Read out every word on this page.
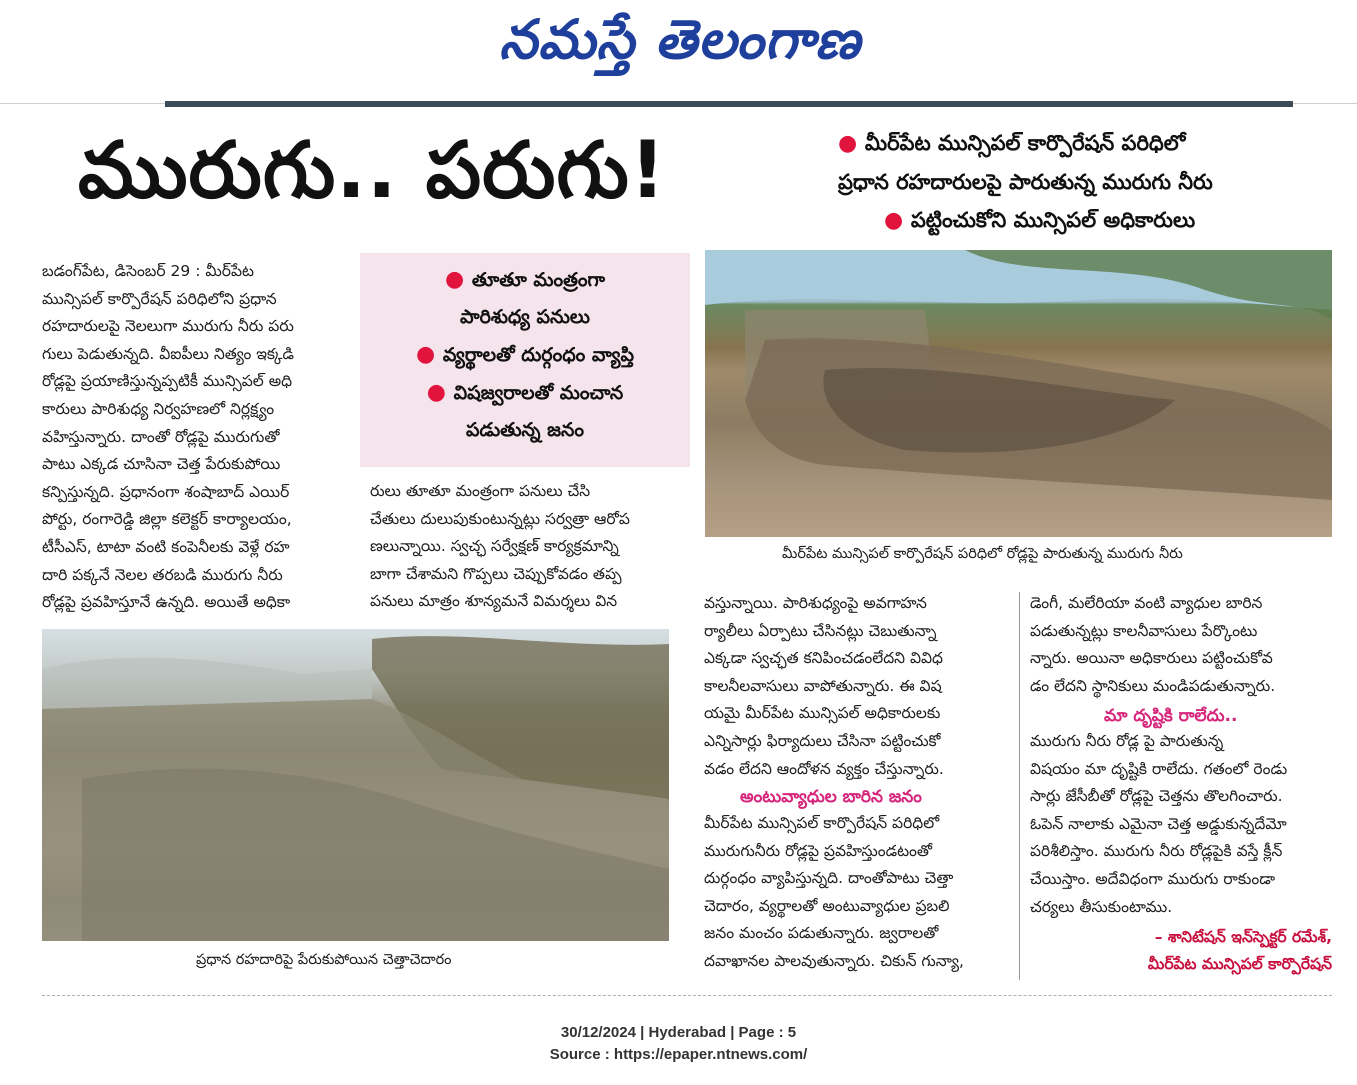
నమస్తే తెలంగాణ
మురుగు.. పరుగు!	● మీర్‌పేట మున్సిపల్ కార్పొరేషన్ పరిధిలో
ప్రధాన రహదారులపై పారుతున్న మురుగు నీరు
● పట్టించుకోని మున్సిపల్ అధికారులు

బడంగ్‌పేట, డిసెంబర్ 29 : మీర్‌పేట

మున్సిపల్ కార్పొరేషన్ పరిధిలోని ప్రధాన

రహదారులపై నెలలుగా మురుగు నీరు పరు

గులు పెడుతున్నది. వీఐపీలు నిత్యం ఇక్కడి

రోడ్లపై ప్రయాణిస్తున్నప్పటికీ మున్సిపల్ అధి

కారులు పారిశుధ్య నిర్వహణలో నిర్లక్ష్యం

వహిస్తున్నారు. దాంతో రోడ్లపై మురుగుతో

పాటు ఎక్కడ చూసినా చెత్త పేరుకుపోయి

కన్పిస్తున్నది. ప్రధానంగా శంషాబాద్ ఎయిర్

పోర్టు, రంగారెడ్డి జిల్లా కలెక్టర్ కార్యాలయం,

టీసీఎస్, టాటా వంటి కంపెనీలకు వెళ్లే రహ

దారి పక్కనే నెలల తరబడి మురుగు నీరు

రోడ్లపై ప్రవహిస్తూనే ఉన్నది. అయితే అధికా

● తూతూ మంత్రంగా
పారిశుధ్య పనులు
● వ్యర్థాలతో దుర్గంధం వ్యాప్తి
● విషజ్వరాలతో మంచాన
పడుతున్న జనం

రులు తూతూ మంత్రంగా పనులు చేసి

చేతులు దులుపుకుంటున్నట్లు సర్వత్రా ఆరోప

ణలున్నాయి. స్వచ్ఛ సర్వేక్షణ్ కార్యక్రమాన్ని

బాగా చేశామని గొప్పలు చెప్పుకోవడం తప్ప

పనులు మాత్రం శూన్యమనే విమర్శలు విన

మీర్‌పేట మున్సిపల్ కార్పొరేషన్ పరిధిలో రోడ్లపై పారుతున్న మురుగు నీరు

వస్తున్నాయి. పారిశుధ్యంపై అవగాహన

ర్యాలీలు ఏర్పాటు చేసినట్లు చెబుతున్నా

ఎక్కడా స్వచ్ఛత కనిపించడంలేదని వివిధ

కాలనీలవాసులు వాపోతున్నారు. ఈ విష

యమై మీర్‌పేట మున్సిపల్ అధికారులకు

ఎన్నిసార్లు ఫిర్యాదులు చేసినా పట్టించుకో

వడం లేదని ఆందోళన వ్యక్తం చేస్తున్నారు.

అంటువ్యాధుల బారిన జనం

మీర్‌పేట మున్సిపల్ కార్పొరేషన్ పరిధిలో

మురుగునీరు రోడ్లపై ప్రవహిస్తుండటంతో

దుర్గంధం వ్యాపిస్తున్నది. దాంతోపాటు చెత్తా

చెదారం, వ్యర్థాలతో అంటువ్యాధుల ప్రబలి

జనం మంచం పడుతున్నారు. జ్వరాలతో

దవాఖానల పాలవుతున్నారు. చికున్ గున్యా,

డెంగీ, మలేరియా వంటి వ్యాధుల బారిన

పడుతున్నట్లు కాలనీవాసులు పేర్కొంటు

న్నారు. అయినా అధికారులు పట్టించుకోవ

డం లేదని స్థానికులు మండిపడుతున్నారు.

మా దృష్టికి రాలేదు..

మురుగు నీరు రోడ్ల పై పారుతున్న

విషయం మా దృష్టికి రాలేదు. గతంలో రెండు

సార్లు జేసీబీతో రోడ్లపై చెత్తను తొలగించారు.

ఓపెన్ నాలాకు ఎమైనా చెత్త అడ్డుకున్నదేమో

పరిశీలిస్తాం. మురుగు నీరు రోడ్లపైకి వస్తే క్లీన్

చేయిస్తాం. అదేవిధంగా మురుగు రాకుండా

చర్యలు తీసుకుంటాము.

– శానిటేషన్ ఇన్‌స్పెక్టర్ రమేశ్,
మీర్‌పేట మున్సిపల్ కార్పొరేషన్
ప్రధాన రహదారిపై పేరుకుపోయిన చెత్తాచెదారం
30/12/2024 | Hyderabad | Page : 5
Source : https://epaper.ntnews.com/
